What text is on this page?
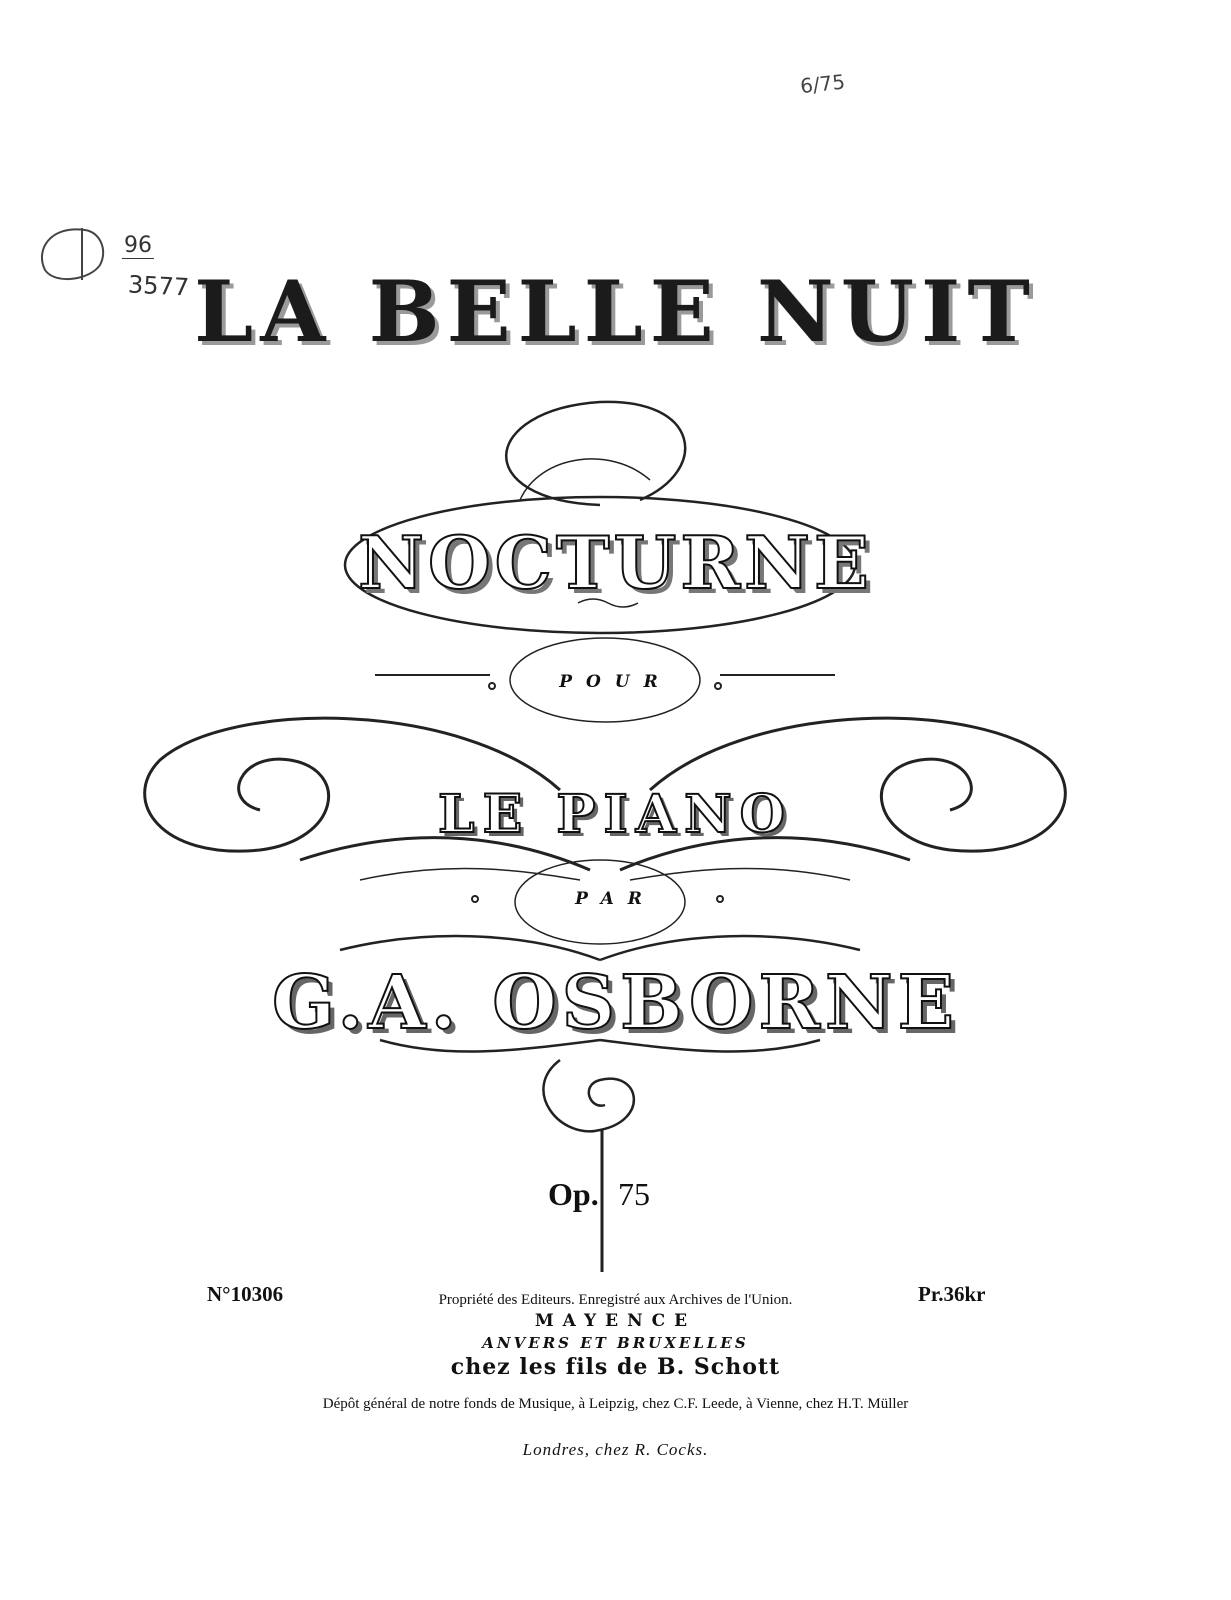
96
3577
6/75
LA BELLE NUIT
NOCTURNE
POUR
LE PIANO
PAR
G.A. OSBORNE
Op. 75
N°10306	Pr.36kr
Propriété des Editeurs. Enregistré aux Archives de l'Union.
MAYENCE
ANVERS ET BRUXELLES
chez les fils de B. Schott
Dépôt général de notre fonds de Musique, à Leipzig, chez C.F. Leede, à Vienne, chez H.T. Müller
Londres, chez R. Cocks.
